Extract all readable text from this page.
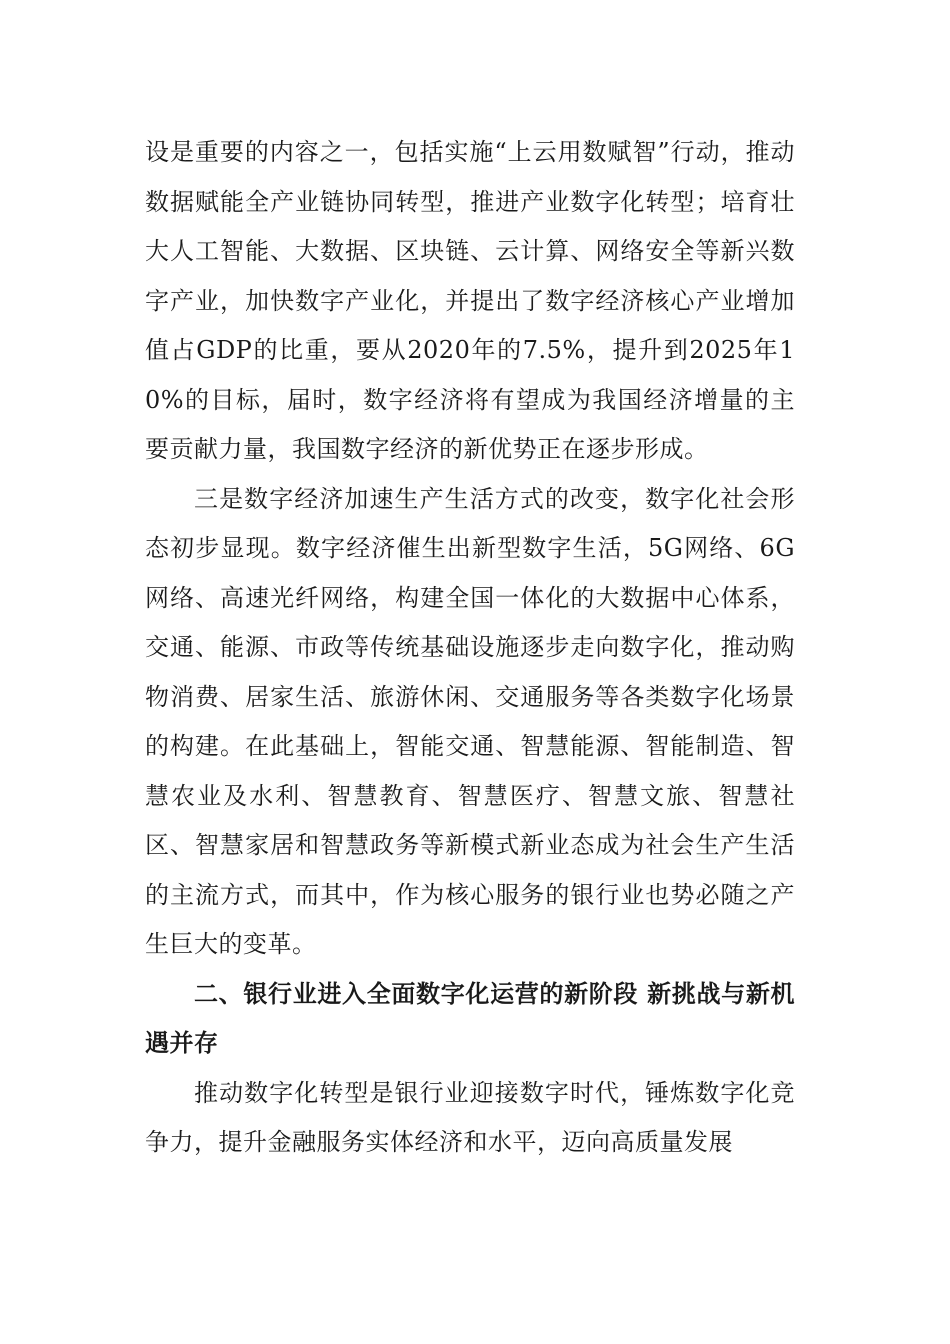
设是重要的内容之一，包括实施“上云用数赋智”行动，推动数据赋能全产业链协同转型，推进产业数字化转型；培育壮大人工智能、大数据、区块链、云计算、网络安全等新兴数字产业，加快数字产业化，并提出了数字经济核心产业增加值占GDP的比重，要从2020年的7.5%，提升到2025年10%的目标，届时，数字经济将有望成为我国经济增量的主要贡献力量，我国数字经济的新优势正在逐步形成。

三是数字经济加速生产生活方式的改变，数字化社会形态初步显现。数字经济催生出新型数字生活，5G网络、6G网络、高速光纤网络，构建全国一体化的大数据中心体系，交通、能源、市政等传统基础设施逐步走向数字化，推动购物消费、居家生活、旅游休闲、交通服务等各类数字化场景的构建。在此基础上，智能交通、智慧能源、智能制造、智慧农业及水利、智慧教育、智慧医疗、智慧文旅、智慧社区、智慧家居和智慧政务等新模式新业态成为社会生产生活的主流方式，而其中，作为核心服务的银行业也势必随之产生巨大的变革。

二、银行业进入全面数字化运营的新阶段 新挑战与新机遇并存

推动数字化转型是银行业迎接数字时代，锤炼数字化竞争力，提升金融服务实体经济和水平，迈向高质量发展
